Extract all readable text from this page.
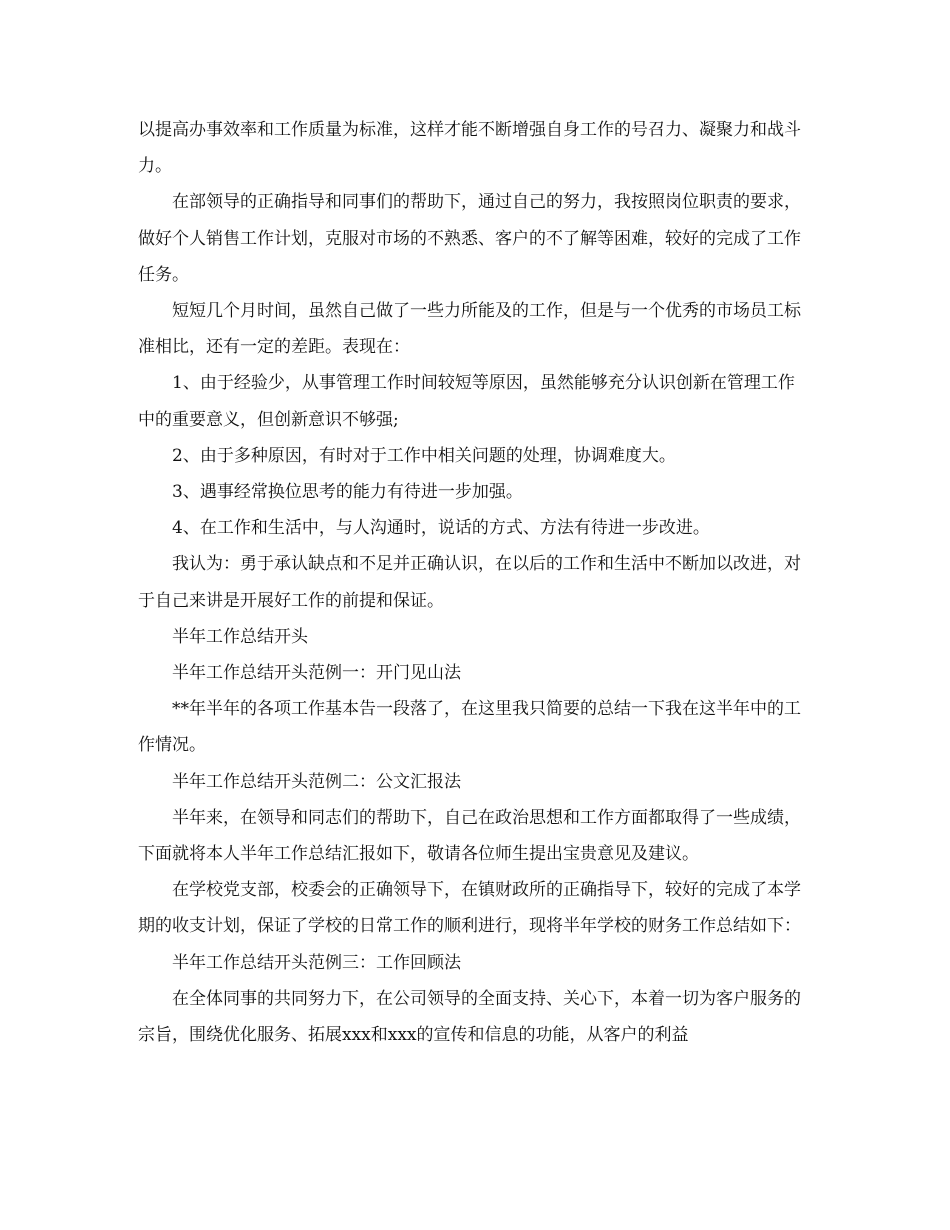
以提高办事效率和工作质量为标准，这样才能不断增强自身工作的号召力、凝聚力和战斗力。

在部领导的正确指导和同事们的帮助下，通过自己的努力，我按照岗位职责的要求，做好个人销售工作计划，克服对市场的不熟悉、客户的不了解等困难，较好的完成了工作任务。

短短几个月时间，虽然自己做了一些力所能及的工作，但是与一个优秀的市场员工标准相比，还有一定的差距。表现在：

1、由于经验少，从事管理工作时间较短等原因，虽然能够充分认识创新在管理工作中的重要意义，但创新意识不够强;

2、由于多种原因，有时对于工作中相关问题的处理，协调难度大。

3、遇事经常换位思考的能力有待进一步加强。

4、在工作和生活中，与人沟通时，说话的方式、方法有待进一步改进。

我认为：勇于承认缺点和不足并正确认识，在以后的工作和生活中不断加以改进，对于自己来讲是开展好工作的前提和保证。

半年工作总结开头

半年工作总结开头范例一：开门见山法

**年半年的各项工作基本告一段落了，在这里我只简要的总结一下我在这半年中的工作情况。

半年工作总结开头范例二：公文汇报法

半年来，在领导和同志们的帮助下，自己在政治思想和工作方面都取得了一些成绩，下面就将本人半年工作总结汇报如下，敬请各位师生提出宝贵意见及建议。

在学校党支部，校委会的正确领导下，在镇财政所的正确指导下，较好的完成了本学期的收支计划，保证了学校的日常工作的顺利进行，现将半年学校的财务工作总结如下：

半年工作总结开头范例三：工作回顾法

在全体同事的共同努力下，在公司领导的全面支持、关心下，本着一切为客户服务的宗旨，围绕优化服务、拓展xxx和xxx的宣传和信息的功能，从客户的利益
